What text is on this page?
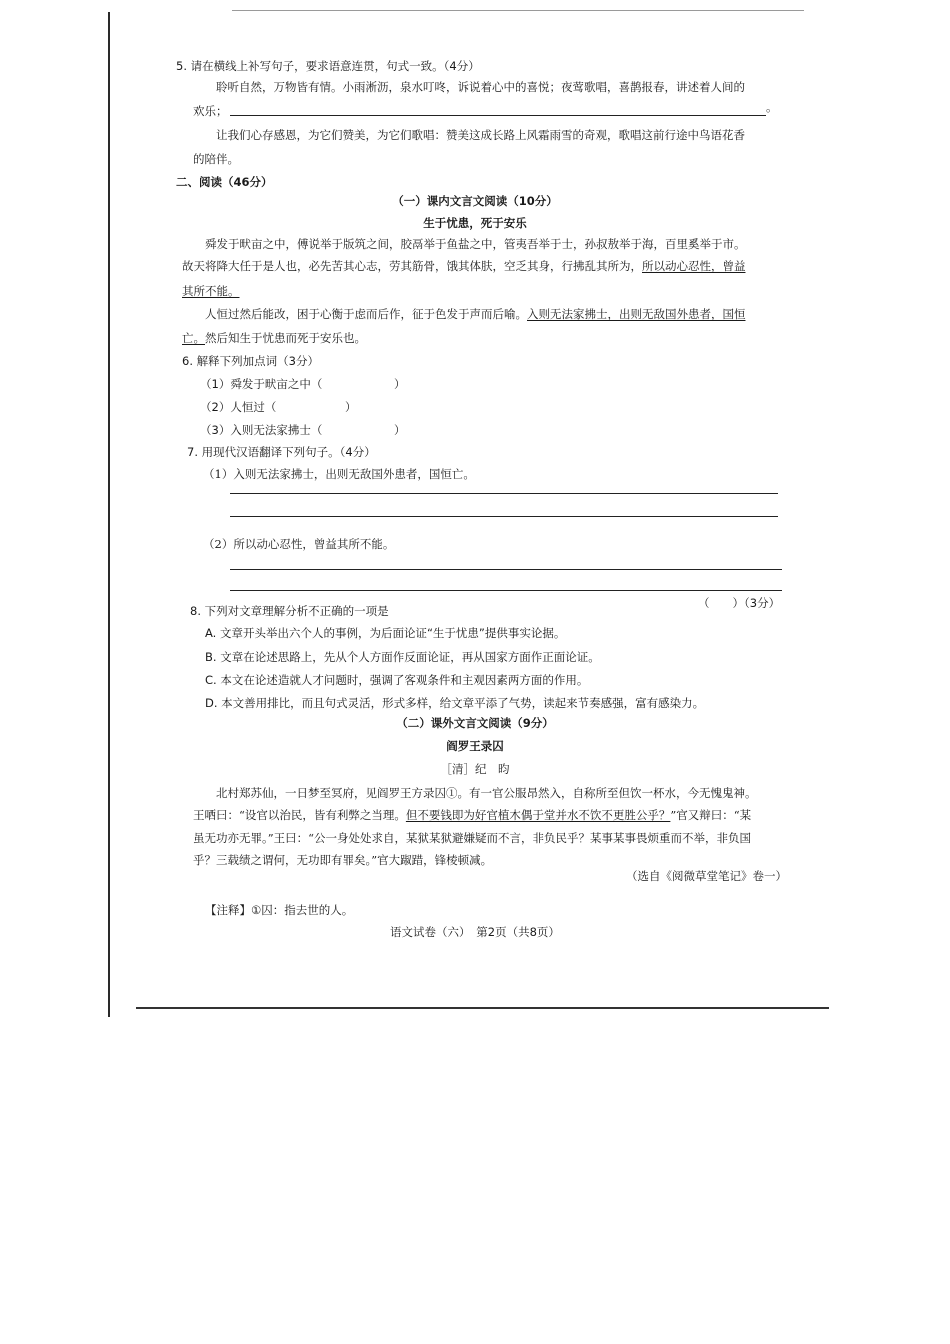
5. 请在横线上补写句子，要求语意连贯，句式一致。（4分）
聆听自然，万物皆有情。小雨淅沥，泉水叮咚，诉说着心中的喜悦；夜莺歌唱，喜鹊报春，讲述着人间的
欢乐；	。
让我们心存感恩，为它们赞美，为它们歌唱：赞美这成长路上风霜雨雪的奇观，歌唱这前行途中鸟语花香
的陪伴。
二、阅读（46分）
（一）课内文言文阅读（10分）
生于忧患，死于安乐
舜发于畎亩之中，傅说举于版筑之间，胶鬲举于鱼盐之中，管夷吾举于士，孙叔敖举于海，百里奚举于市。
故天将降大任于是人也，必先苦其心志，劳其筋骨，饿其体肤，空乏其身，行拂乱其所为，所以动心忍性，曾益
其所不能。
人恒过然后能改，困于心衡于虑而后作，征于色发于声而后喻。入则无法家拂士，出则无敌国外患者，国恒
亡。然后知生于忧患而死于安乐也。
6. 解释下列加点词（3分）
（1）舜发于畎亩之中（	）
（2）人恒过（	）
（3）入则无法家拂士（	）
7. 用现代汉语翻译下列句子。（4分）
（1）入则无法家拂士，出则无敌国外患者，国恒亡。
（2）所以动心忍性，曾益其所不能。
8. 下列对文章理解分析不正确的一项是
（　　）（3分）
A. 文章开头举出六个人的事例，为后面论证“生于忧患”提供事实论据。
B. 文章在论述思路上，先从个人方面作反面论证，再从国家方面作正面论证。
C. 本文在论述造就人才问题时，强调了客观条件和主观因素两方面的作用。
D. 本文善用排比，而且句式灵活，形式多样，给文章平添了气势，读起来节奏感强，富有感染力。
（二）课外文言文阅读（9分）
阎罗王录囚
［清］纪　昀
北村郑苏仙，一日梦至冥府，见阎罗王方录囚①。有一官公服昂然入，自称所至但饮一杯水，今无愧鬼神。
王哂曰：“设官以治民，皆有利弊之当理。但不要钱即为好官植木偶于堂并水不饮不更胜公乎？”官又辩曰：“某
虽无功亦无罪。”王曰：“公一身处处求自，某狱某狱避嫌疑而不言，非负民乎？某事某事畏烦重而不举，非负国
乎？三载绩之谓何，无功即有罪矣。”官大踧踖，锋棱顿减。
（选自《阅微草堂笔记》卷一）
【注释】①囚：指去世的人。
语文试卷（六）　第2页（共8页）
